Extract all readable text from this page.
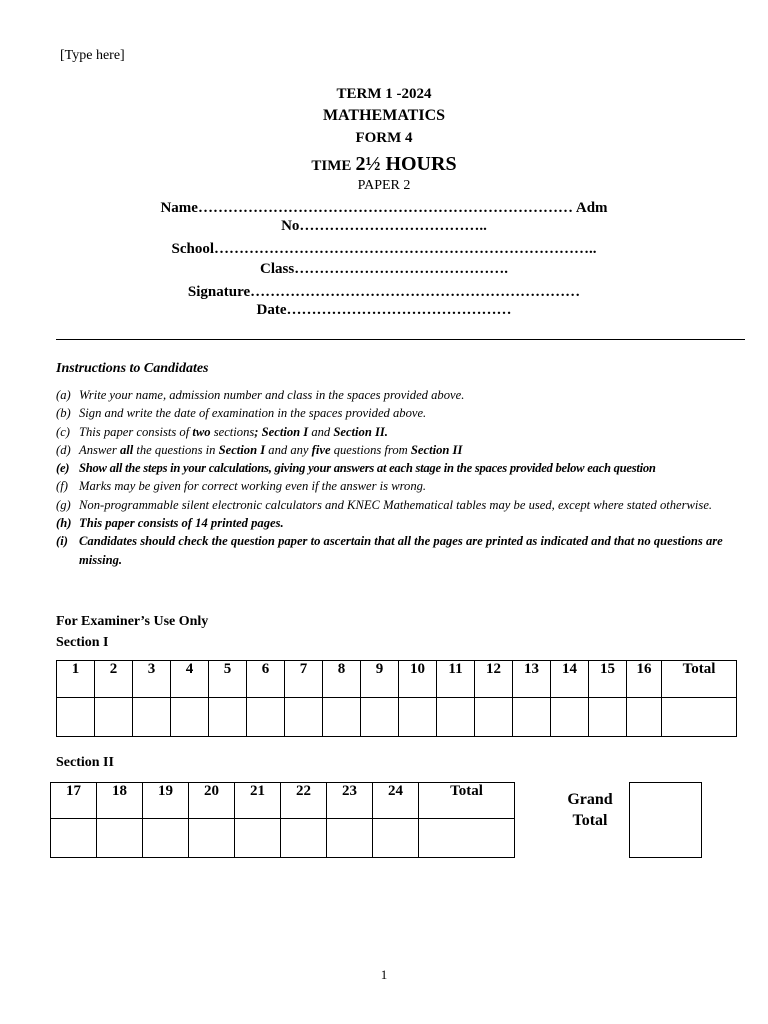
[Type here]
TERM 1 -2024
MATHEMATICS
FORM 4
TIME 2½ HOURS
PAPER 2
Name………………………………………………………………… Adm
No………………………………..
School…………………………………………………………………..
Class…………………………………….
Signature…………………………………………………………
Date………………………………………
Instructions to Candidates
(a) Write your name, admission number and class in the spaces provided above.
(b) Sign and write the date of examination in the spaces provided above.
(c) This paper consists of two sections; Section I and Section II.
(d) Answer all the questions in Section I and any five questions from Section II
(e) Show all the steps in your calculations, giving your answers at each stage in the spaces provided below each question
(f) Marks may be given for correct working even if the answer is wrong.
(g) Non-programmable silent electronic calculators and KNEC Mathematical tables may be used, except where stated otherwise.
(h) This paper consists of 14 printed pages.
(i) Candidates should check the question paper to ascertain that all the pages are printed as indicated and that no questions are missing.
For Examiner’s Use Only
Section I
1	2	3	4	5	6	7	8	9	10	11	12	13	14	15	16	Total

Section II
17	18	19	20	21	22	23	24	Total
									Grand
Total
1
